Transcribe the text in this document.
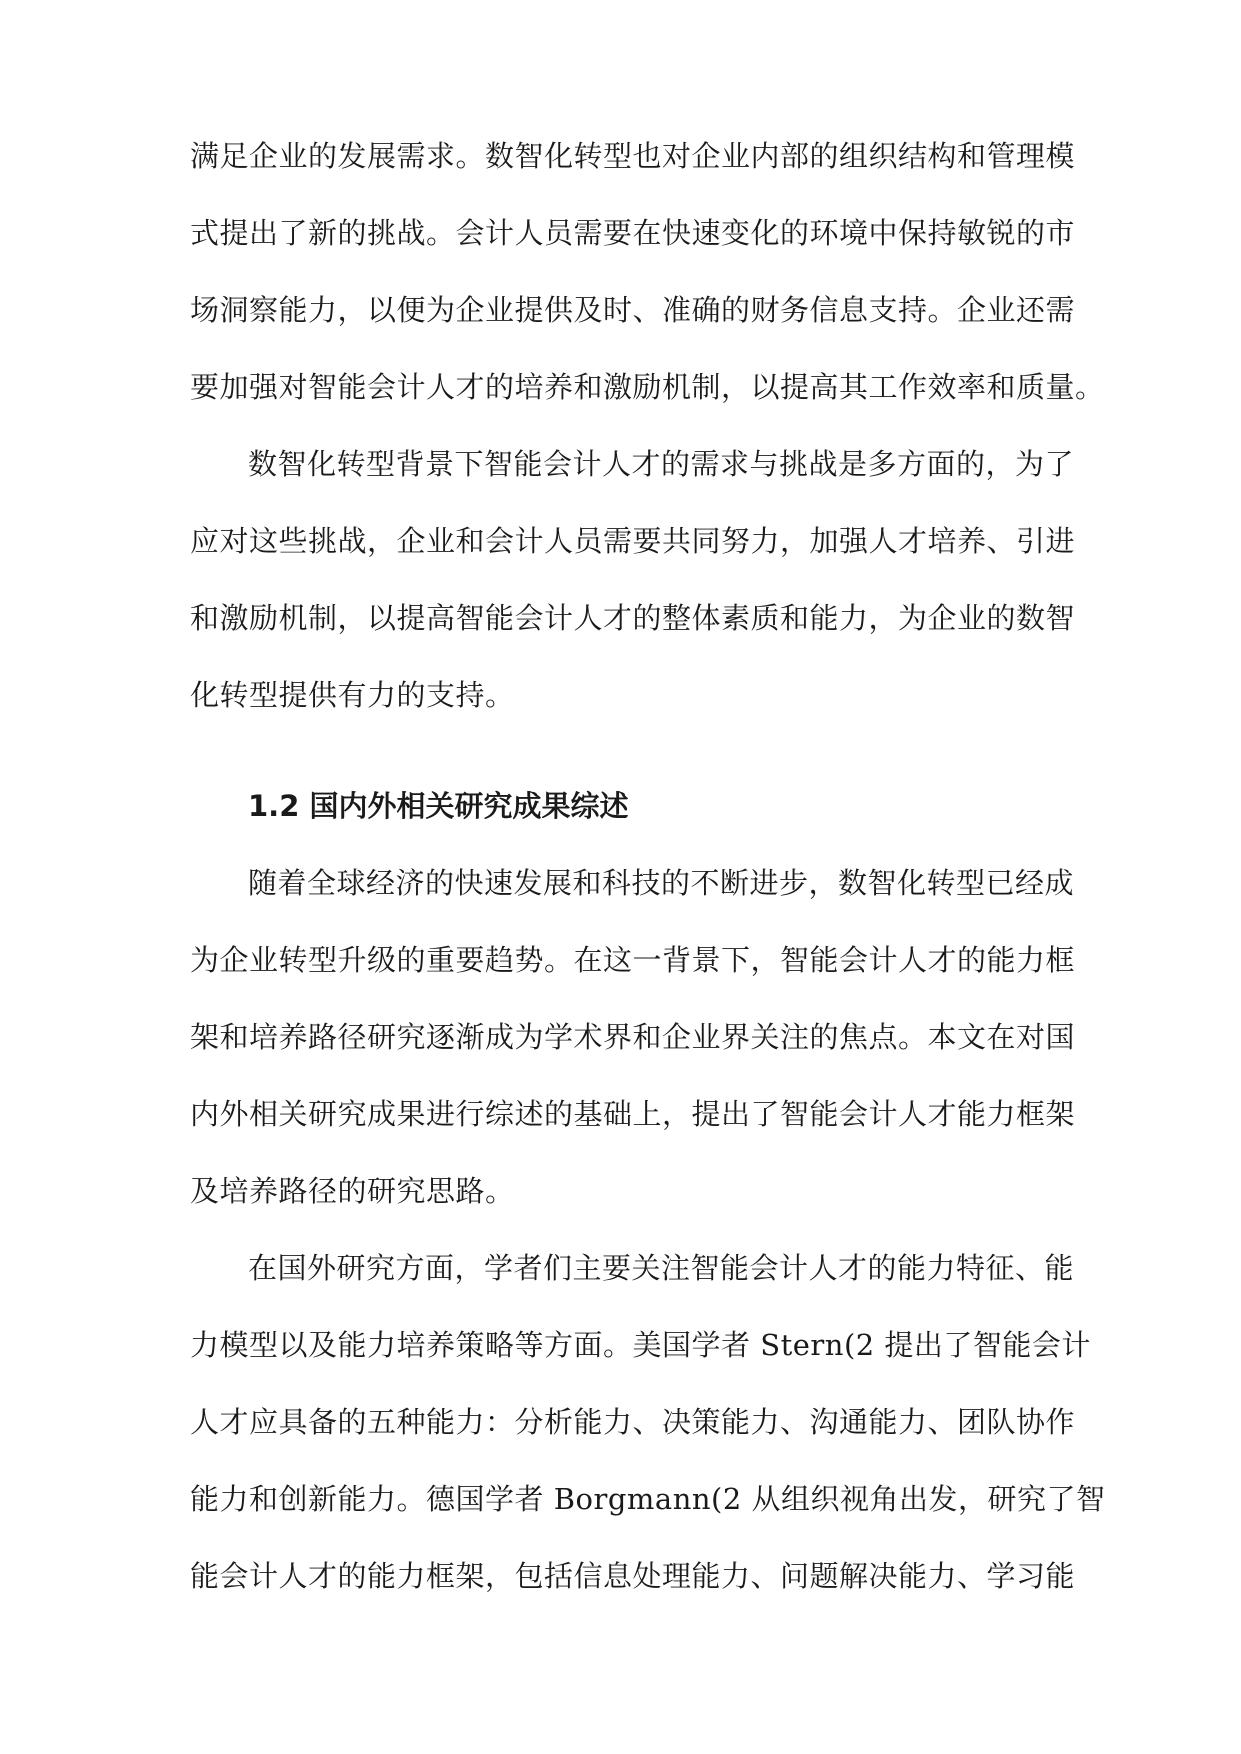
满足企业的发展需求。数智化转型也对企业内部的组织结构和管理模
式提出了新的挑战。会计人员需要在快速变化的环境中保持敏锐的市
场洞察能力，以便为企业提供及时、准确的财务信息支持。企业还需
要加强对智能会计人才的培养和激励机制，以提高其工作效率和质量。
数智化转型背景下智能会计人才的需求与挑战是多方面的，为了
应对这些挑战，企业和会计人员需要共同努力，加强人才培养、引进
和激励机制，以提高智能会计人才的整体素质和能力，为企业的数智
化转型提供有力的支持。
1.2 国内外相关研究成果综述
随着全球经济的快速发展和科技的不断进步，数智化转型已经成
为企业转型升级的重要趋势。在这一背景下，智能会计人才的能力框
架和培养路径研究逐渐成为学术界和企业界关注的焦点。本文在对国
内外相关研究成果进行综述的基础上，提出了智能会计人才能力框架
及培养路径的研究思路。
在国外研究方面，学者们主要关注智能会计人才的能力特征、能
力模型以及能力培养策略等方面。美国学者 Stern(2 提出了智能会计
人才应具备的五种能力：分析能力、决策能力、沟通能力、团队协作
能力和创新能力。德国学者 Borgmann(2 从组织视角出发，研究了智
能会计人才的能力框架，包括信息处理能力、问题解决能力、学习能
